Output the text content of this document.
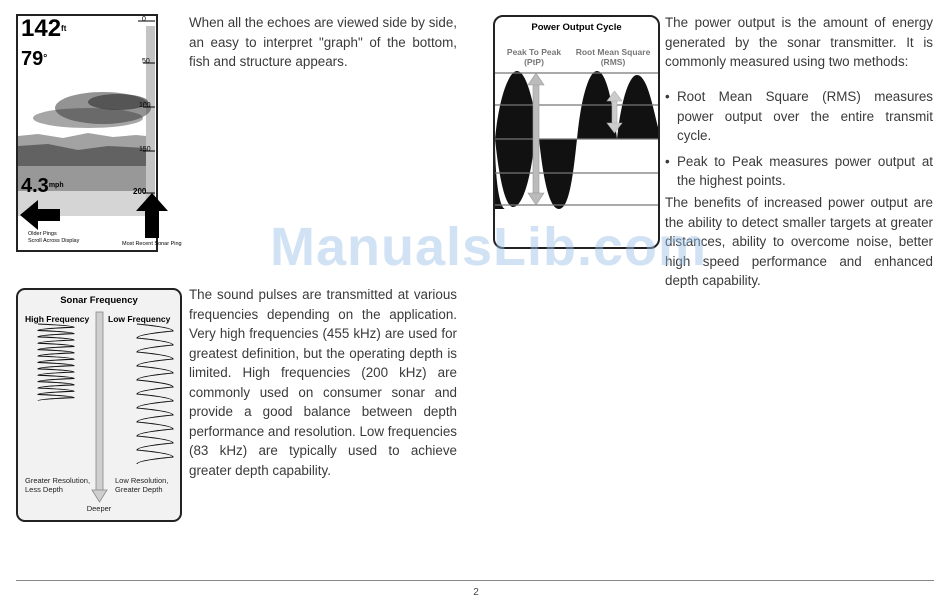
$142^{ft}$
79°
$4.3^{mph}$
0
50
100
150
200
Older Pings
Scroll Across Display	Most Recent Sonar Ping

When all the echoes are viewed side by side, an easy to interpret "graph" of the bottom, fish and structure appears.

Power Output Cycle
Peak To Peak
(PtP)
Root Mean Square
(RMS)

The power output is the amount of energy generated by the sonar transmitter. It is commonly measured using two methods:

• Root Mean Square (RMS) measures power output over the entire transmit cycle.
• Peak to Peak measures power output at the highest points.

The benefits of increased power output are the ability to detect smaller targets at greater distances, ability to overcome noise, better high speed performance and enhanced depth capability.

Sonar Frequency
High Frequency Low Frequency
Greater Resolution,
Less Depth
Low Resolution,
Greater Depth
Deeper

The sound pulses are transmitted at various frequencies depending on the application. Very high frequencies (455 kHz) are used for greatest definition, but the operating depth is limited. High frequencies (200 kHz) are commonly used on consumer sonar and provide a good balance between depth performance and resolution. Low frequencies (83 kHz) are typically used to achieve greater depth capability.

ManualsLib.com
2
